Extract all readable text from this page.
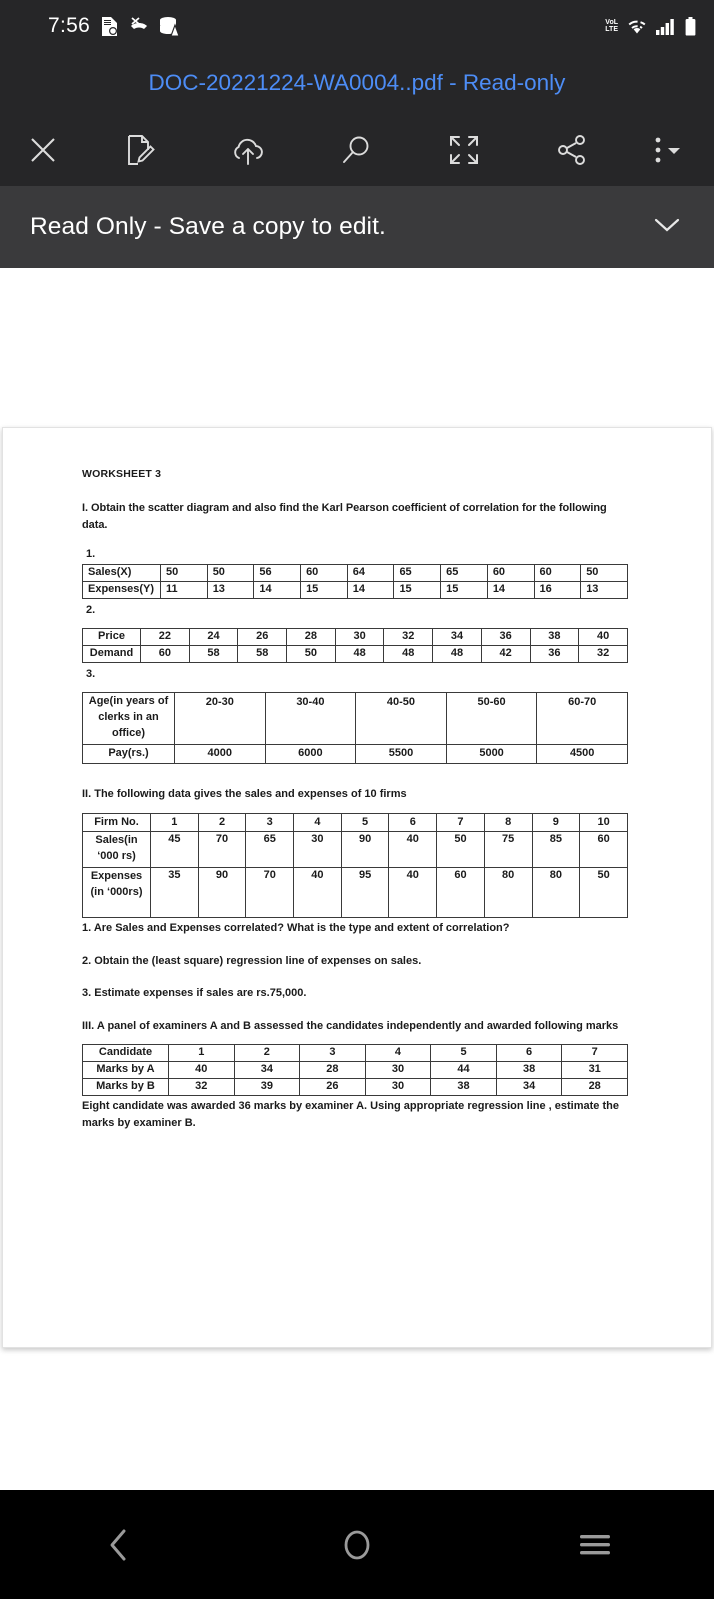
7:56	VoL
LTE
DOC-20221224-WA0004..pdf - Read-only
Read Only - Save a copy to edit.
WORKSHEET 3
I. Obtain the scatter diagram and also find the Karl Pearson coefficient of correlation for the following data.
1.
Sales(X)	50	50	56	60	64	65	65	60	60	50
Expenses(Y)	11	13	14	15	14	15	15	14	16	13
2.
Price	22	24	26	28	30	32	34	36	38	40
Demand	60	58	58	50	48	48	48	42	36	32
3.
Age(in years of clerks in an office)	20-30	30-40	40-50	50-60	60-70
Pay(rs.)	4000	6000	5500	5000	4500
II. The following data gives the sales and expenses of 10 firms
Firm No.	1	2	3	4	5	6	7	8	9	10
Sales(in ‘000 rs)	45	70	65	30	90	40	50	75	85	60
Expenses (in ‘000rs)	35	90	70	40	95	40	60	80	80	50
1. Are Sales and Expenses correlated? What is the type and extent of correlation?
2. Obtain the (least square) regression line of expenses on sales.
3. Estimate expenses if sales are rs.75,000.
III. A panel of examiners A and B assessed the candidates independently and awarded following marks
Candidate	1	2	3	4	5	6	7
Marks by A	40	34	28	30	44	38	31
Marks by B	32	39	26	30	38	34	28
Eight candidate was awarded 36 marks by examiner A. Using appropriate regression line , estimate the marks by examiner B.
